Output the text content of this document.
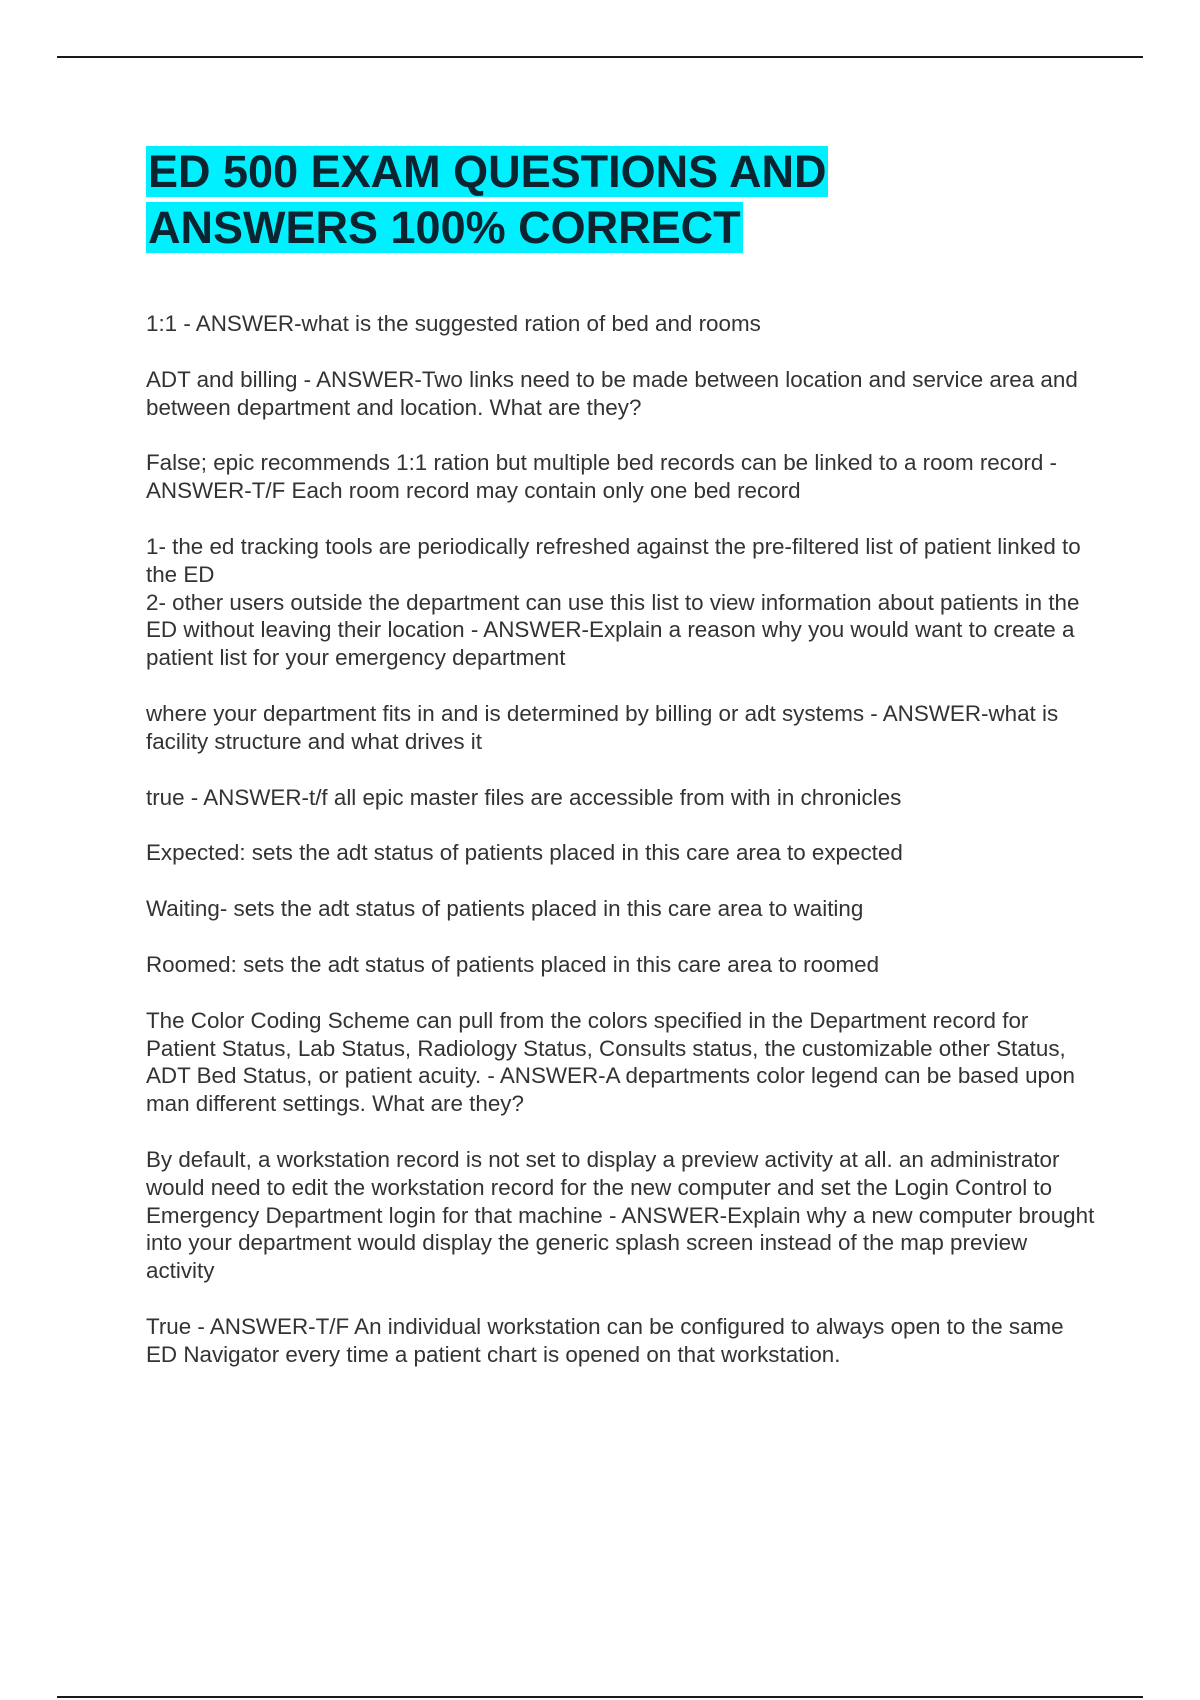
ED 500 EXAM QUESTIONS AND
ANSWERS 100% CORRECT

1:1 - ANSWER-what is the suggested ration of bed and rooms

ADT and billing - ANSWER-Two links need to be made between location and service area and between department and location. What are they?

False; epic recommends 1:1 ration but multiple bed records can be linked to a room record - ANSWER-T/F Each room record may contain only one bed record

1- the ed tracking tools are periodically refreshed against the pre-filtered list of patient linked to the ED
2- other users outside the department can use this list to view information about patients in the ED without leaving their location - ANSWER-Explain a reason why you would want to create a patient list for your emergency department

where your department fits in and is determined by billing or adt systems - ANSWER-what is facility structure and what drives it

true - ANSWER-t/f all epic master files are accessible from with in chronicles

Expected: sets the adt status of patients placed in this care area to expected

Waiting- sets the adt status of patients placed in this care area to waiting

Roomed: sets the adt status of patients placed in this care area to roomed

The Color Coding Scheme can pull from the colors specified in the Department record for Patient Status, Lab Status, Radiology Status, Consults status, the customizable other Status, ADT Bed Status, or patient acuity. - ANSWER-A departments color legend can be based upon man different settings. What are they?

By default, a workstation record is not set to display a preview activity at all. an administrator would need to edit the workstation record for the new computer and set the Login Control to Emergency Department login for that machine - ANSWER-Explain why a new computer brought into your department would display the generic splash screen instead of the map preview activity

True - ANSWER-T/F An individual workstation can be configured to always open to the same ED Navigator every time a patient chart is opened on that workstation.
